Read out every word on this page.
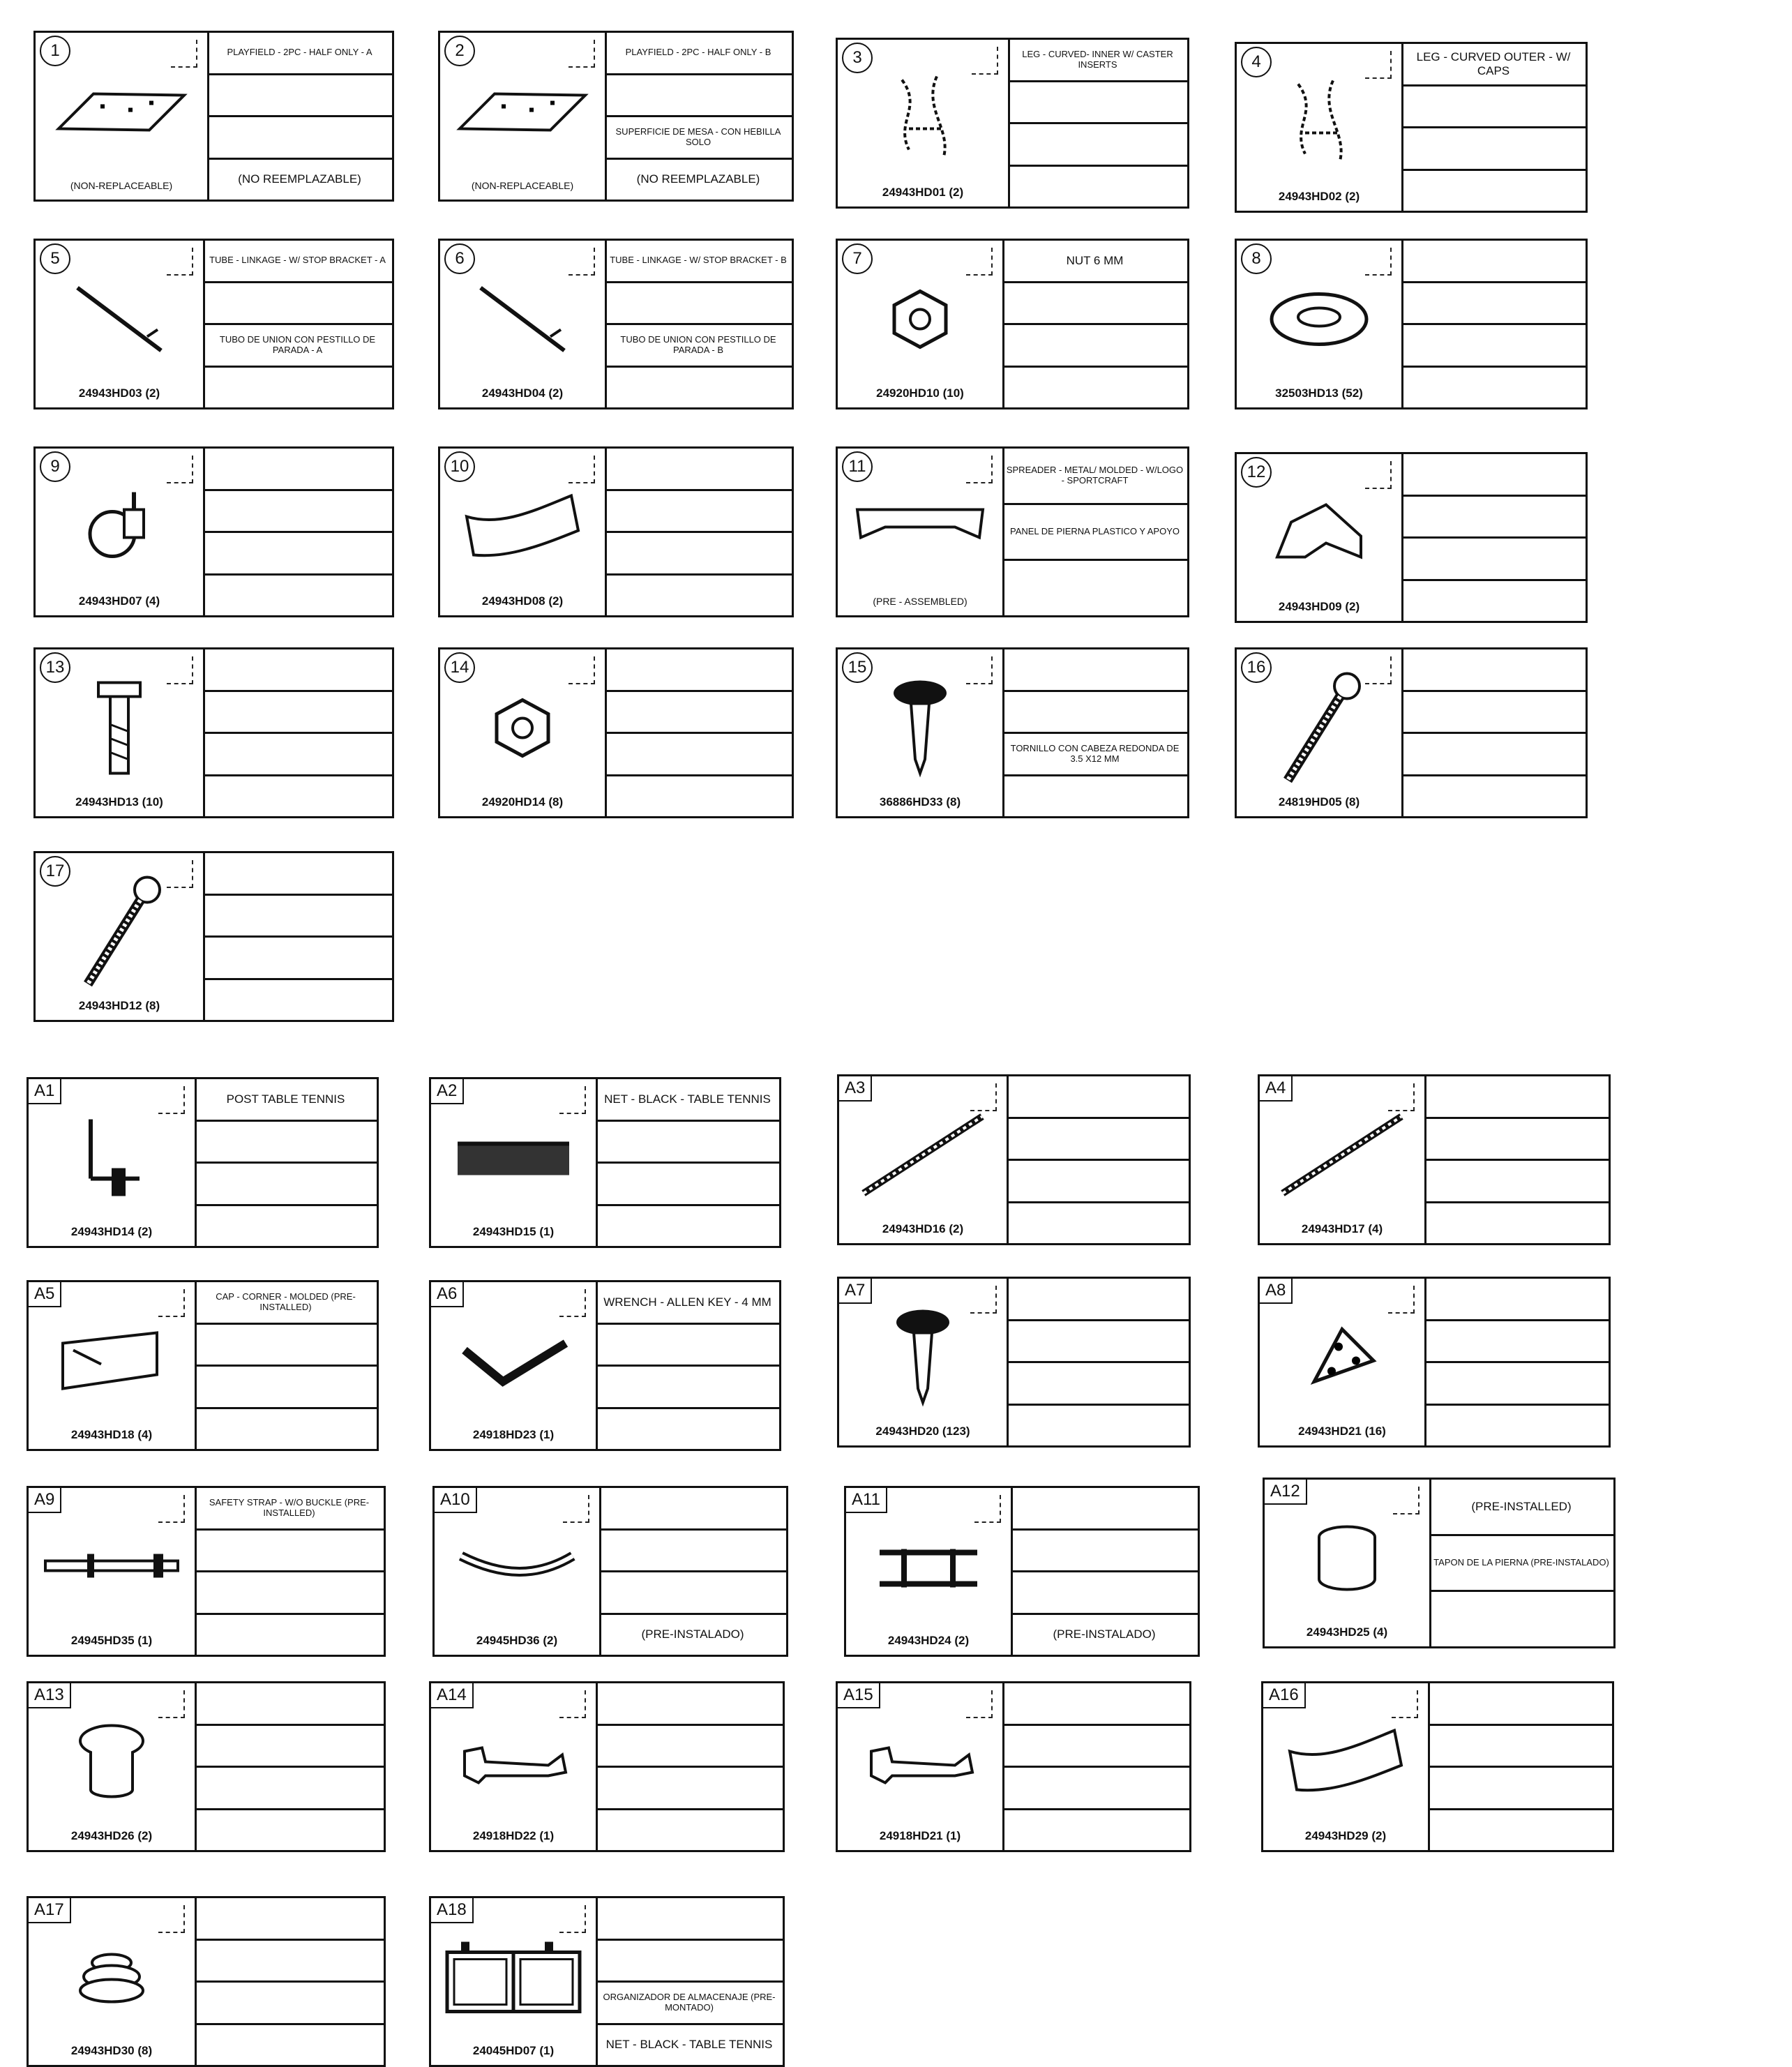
1
(NON-REPLACEABLE)
PLAYFIELD - 2PC - HALF ONLY - A
(NO REEMPLAZABLE)
2
(NON-REPLACEABLE)
PLAYFIELD - 2PC - HALF ONLY - B
SUPERFICIE DE MESA - CON HEBILLA SOLO
(NO REEMPLAZABLE)
3
24943HD01 (2)
LEG - CURVED- INNER W/ CASTER INSERTS	4
24943HD02 (2)
LEG - CURVED OUTER - W/ CAPS
5
24943HD03 (2)
TUBE - LINKAGE - W/ STOP BRACKET - A
TUBO DE UNION CON PESTILLO DE PARADA - A
6
24943HD04 (2)
TUBE - LINKAGE - W/ STOP BRACKET - B
TUBO DE UNION CON PESTILLO DE PARADA - B
7
24920HD10 (10)
NUT 6 MM	8
32503HD13 (52)
9
24943HD07 (4)
10
24943HD08 (2)
11
(PRE - ASSEMBLED)
SPREADER - METAL/ MOLDED - W/LOGO - SPORTCRAFT
PANEL DE PIERNA PLASTICO Y APOYO
12
24943HD09 (2)
13
24943HD13 (10)
14
24920HD14 (8)
15
36886HD33 (8)
TORNILLO CON CABEZA REDONDA DE 3.5 X12 MM
16
24819HD05 (8)
17
24943HD12 (8)
A1
24943HD14 (2)
POST TABLE TENNIS	A2
24943HD15 (1)
NET - BLACK - TABLE TENNIS
A3
24943HD16 (2)
A4
24943HD17 (4)
A5
24943HD18 (4)
CAP - CORNER - MOLDED (PRE-INSTALLED)
A6
24918HD23 (1)
WRENCH - ALLEN KEY - 4 MM
A7
24943HD20 (123)
A8
24943HD21 (16)
A9
24945HD35 (1)
SAFETY STRAP - W/O BUCKLE (PRE-INSTALLED)
A10
24945HD36 (2)	(PRE-INSTALADO)
A11
24943HD24 (2)	(PRE-INSTALADO)
A12
24943HD25 (4)
(PRE-INSTALLED)
TAPON DE LA PIERNA (PRE-INSTALADO)
A13
24943HD26 (2)
A14
24918HD22 (1)
A15
24918HD21 (1)
A16
24943HD29 (2)
A17
24943HD30 (8)
A18
24045HD07 (1)
ORGANIZADOR DE ALMACENAJE (PRE-MONTADO)
NET - BLACK - TABLE TENNIS
